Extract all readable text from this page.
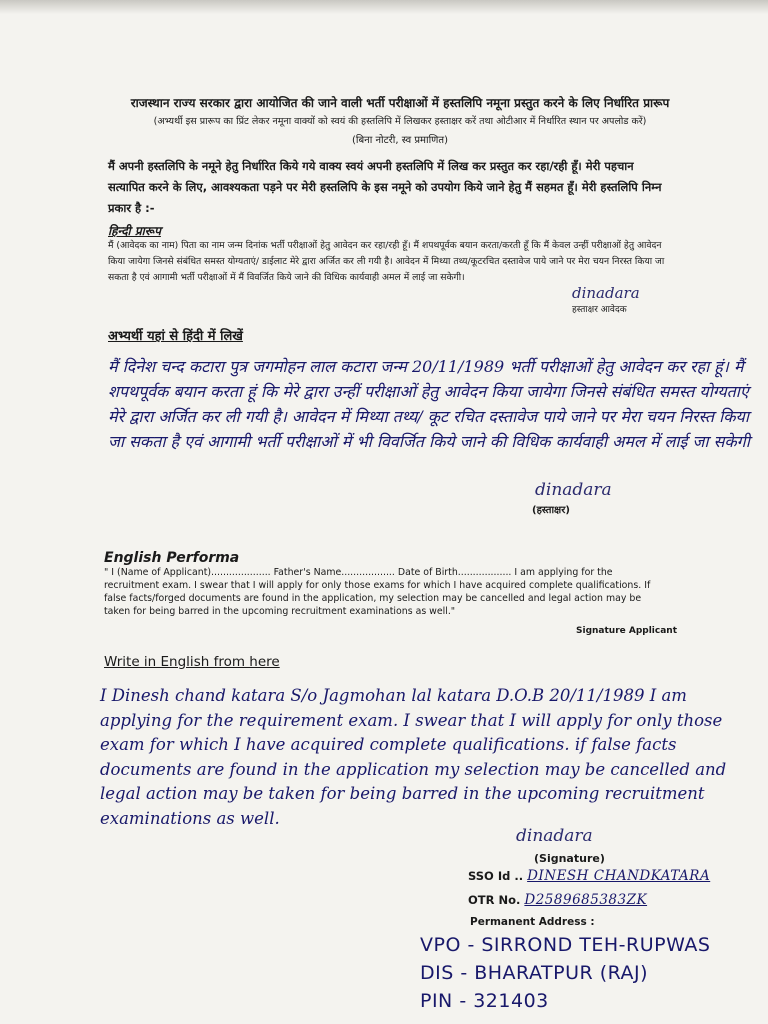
राजस्थान राज्य सरकार द्वारा आयोजित की जाने वाली भर्ती परीक्षाओं में हस्तलिपि नमूना प्रस्तुत करने के लिए निर्धारित प्रारूप
(अभ्यर्थी इस प्रारूप का प्रिंट लेकर नमूना वाक्यों को स्वयं की हस्तलिपि में लिखकर हस्ताक्षर करें तथा ओटीआर में निर्धारित स्थान पर अपलोड करें)
(बिना नोटरी, स्व प्रमाणित)
मैं अपनी हस्तलिपि के नमूने हेतु निर्धारित किये गये वाक्य स्वयं अपनी हस्तलिपि में लिख कर प्रस्तुत कर रहा/रही हूँ। मेरी पहचान सत्यापित करने के लिए, आवश्यकता पड़ने पर मेरी हस्तलिपि के इस नमूने को उपयोग किये जाने हेतु मैं सहमत हूँ। मेरी हस्तलिपि निम्न प्रकार है :-
हिन्दी प्रारूप
मैं (आवेदक का नाम) पिता का नाम जन्म दिनांक भर्ती परीक्षाओं हेतु आवेदन कर रहा/रही हूँ। मैं शपथपूर्वक बयान करता/करती हूँ कि मैं केवल उन्हीं परीक्षाओं हेतु आवेदन किया जायेगा जिनसे संबंधित समस्त योग्यताएं/ डाईलाट मेरे द्वारा अर्जित कर ली गयी है। आवेदन में मिथ्या तथ्य/कूटरचित दस्तावेज पाये जाने पर मेरा चयन निरस्त किया जा सकता है एवं आगामी भर्ती परीक्षाओं में मैं विवर्जित किये जाने की विधिक कार्यवाही अमल में लाई जा सकेगी।
dinadara
हस्ताक्षर आवेदक
अभ्यर्थी यहां से हिंदी में लिखें
मैं दिनेश चन्द कटारा पुत्र जगमोहन लाल कटारा जन्म 20/11/1989 भर्ती परीक्षाओं हेतु आवेदन कर रहा हूं। मैं शपथपूर्वक बयान करता हूं कि मेरे द्वारा उन्हीं परीक्षाओं हेतु आवेदन किया जायेगा जिनसे संबंधित समस्त योग्यताएं मेरे द्वारा अर्जित कर ली गयी है। आवेदन में मिथ्या तथ्य/ कूट रचित दस्तावेज पाये जाने पर मेरा चयन निरस्त किया जा सकता है एवं आगामी भर्ती परीक्षाओं में भी विवर्जित किये जाने की विधिक कार्यवाही अमल में लाई जा सकेगी
dinadara
(हस्ताक्षर)
English Performa
" I (Name of Applicant).................... Father's Name.................. Date of Birth.................. I am applying for the recruitment exam. I swear that I will apply for only those exams for which I have acquired complete qualifications. If false facts/forged documents are found in the application, my selection may be cancelled and legal action may be taken for being barred in the upcoming recruitment examinations as well."
Signature Applicant
Write in English from here
I Dinesh chand katara S/o Jagmohan lal katara D.O.B 20/11/1989 I am applying for the requirement exam. I swear that I will apply for only those exam for which I have acquired complete qualifications. if false facts documents are found in the application my selection may be cancelled and legal action may be taken for being barred in the upcoming recruitment examinations as well.
dinadara
(Signature)
SSO Id .. DINESH CHANDKATARA
OTR No. D2589685383ZK
Permanent Address :
VPO - SIRROND TEH-RUPWAS
DIS - BHARATPUR (RAJ)
PIN - 321403
